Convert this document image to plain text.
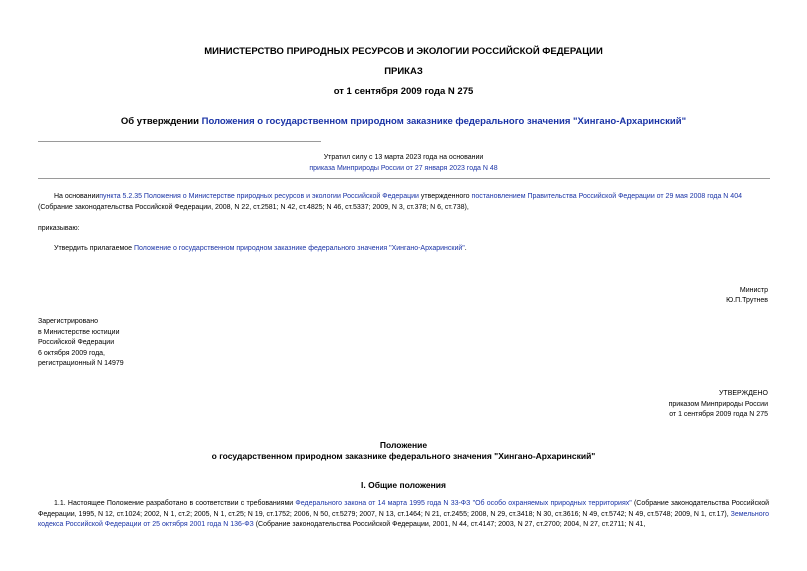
МИНИСТЕРСТВО ПРИРОДНЫХ РЕСУРСОВ И ЭКОЛОГИИ РОССИЙСКОЙ ФЕДЕРАЦИИ
ПРИКАЗ
от 1 сентября 2009 года N 275
Об утверждении Положения о государственном природном заказнике федерального значения "Хингано-Архаринский"
Утратил силу с 13 марта 2023 года на основании
приказа Минприроды России от 27 января 2023 года N 48
На основаниипункта 5.2.35 Положения о Министерстве природных ресурсов и экологии Российской Федерации утвержденного постановлением Правительства Российской Федерации от 29 мая 2008 года N 404
(Собрание законодательства Российской Федерации, 2008, N 22, ст.2581; N 42, ст.4825; N 46, ст.5337; 2009, N 3, ст.378; N 6, ст.738),
приказываю:
Утвердить прилагаемое Положение о государственном природном заказнике федерального значения "Хингано-Архаринский".
Министр
Ю.П.Трутнев
Зарегистрировано
в Министерстве юстиции
Российской Федерации
6 октября 2009 года,
регистрационный N 14979
УТВЕРЖДЕНО
приказом Минприроды России
от 1 сентября 2009 года N 275
Положение
о государственном природном заказнике федерального значения "Хингано-Архаринский"
I. Общие положения
1.1. Настоящее Положение разработано в соответствии с требованиями Федерального закона от 14 марта 1995 года N 33-ФЗ "Об особо охраняемых природных территориях" (Собрание законодательства Российской Федерации, 1995, N 12, ст.1024; 2002, N 1, ст.2; 2005, N 1, ст.25; N 19, ст.1752; 2006, N 50, ст.5279; 2007, N 13, ст.1464; N 21, ст.2455; 2008, N 29, ст.3418; N 30, ст.3616; N 49, ст.5742; N 49, ст.5748; 2009, N 1, ст.17), Земельного кодекса Российской Федерации от 25 октября 2001 года N 136-ФЗ (Собрание законодательства Российской Федерации, 2001, N 44, ст.4147; 2003, N 27, ст.2700; 2004, N 27, ст.2711; N 41,
